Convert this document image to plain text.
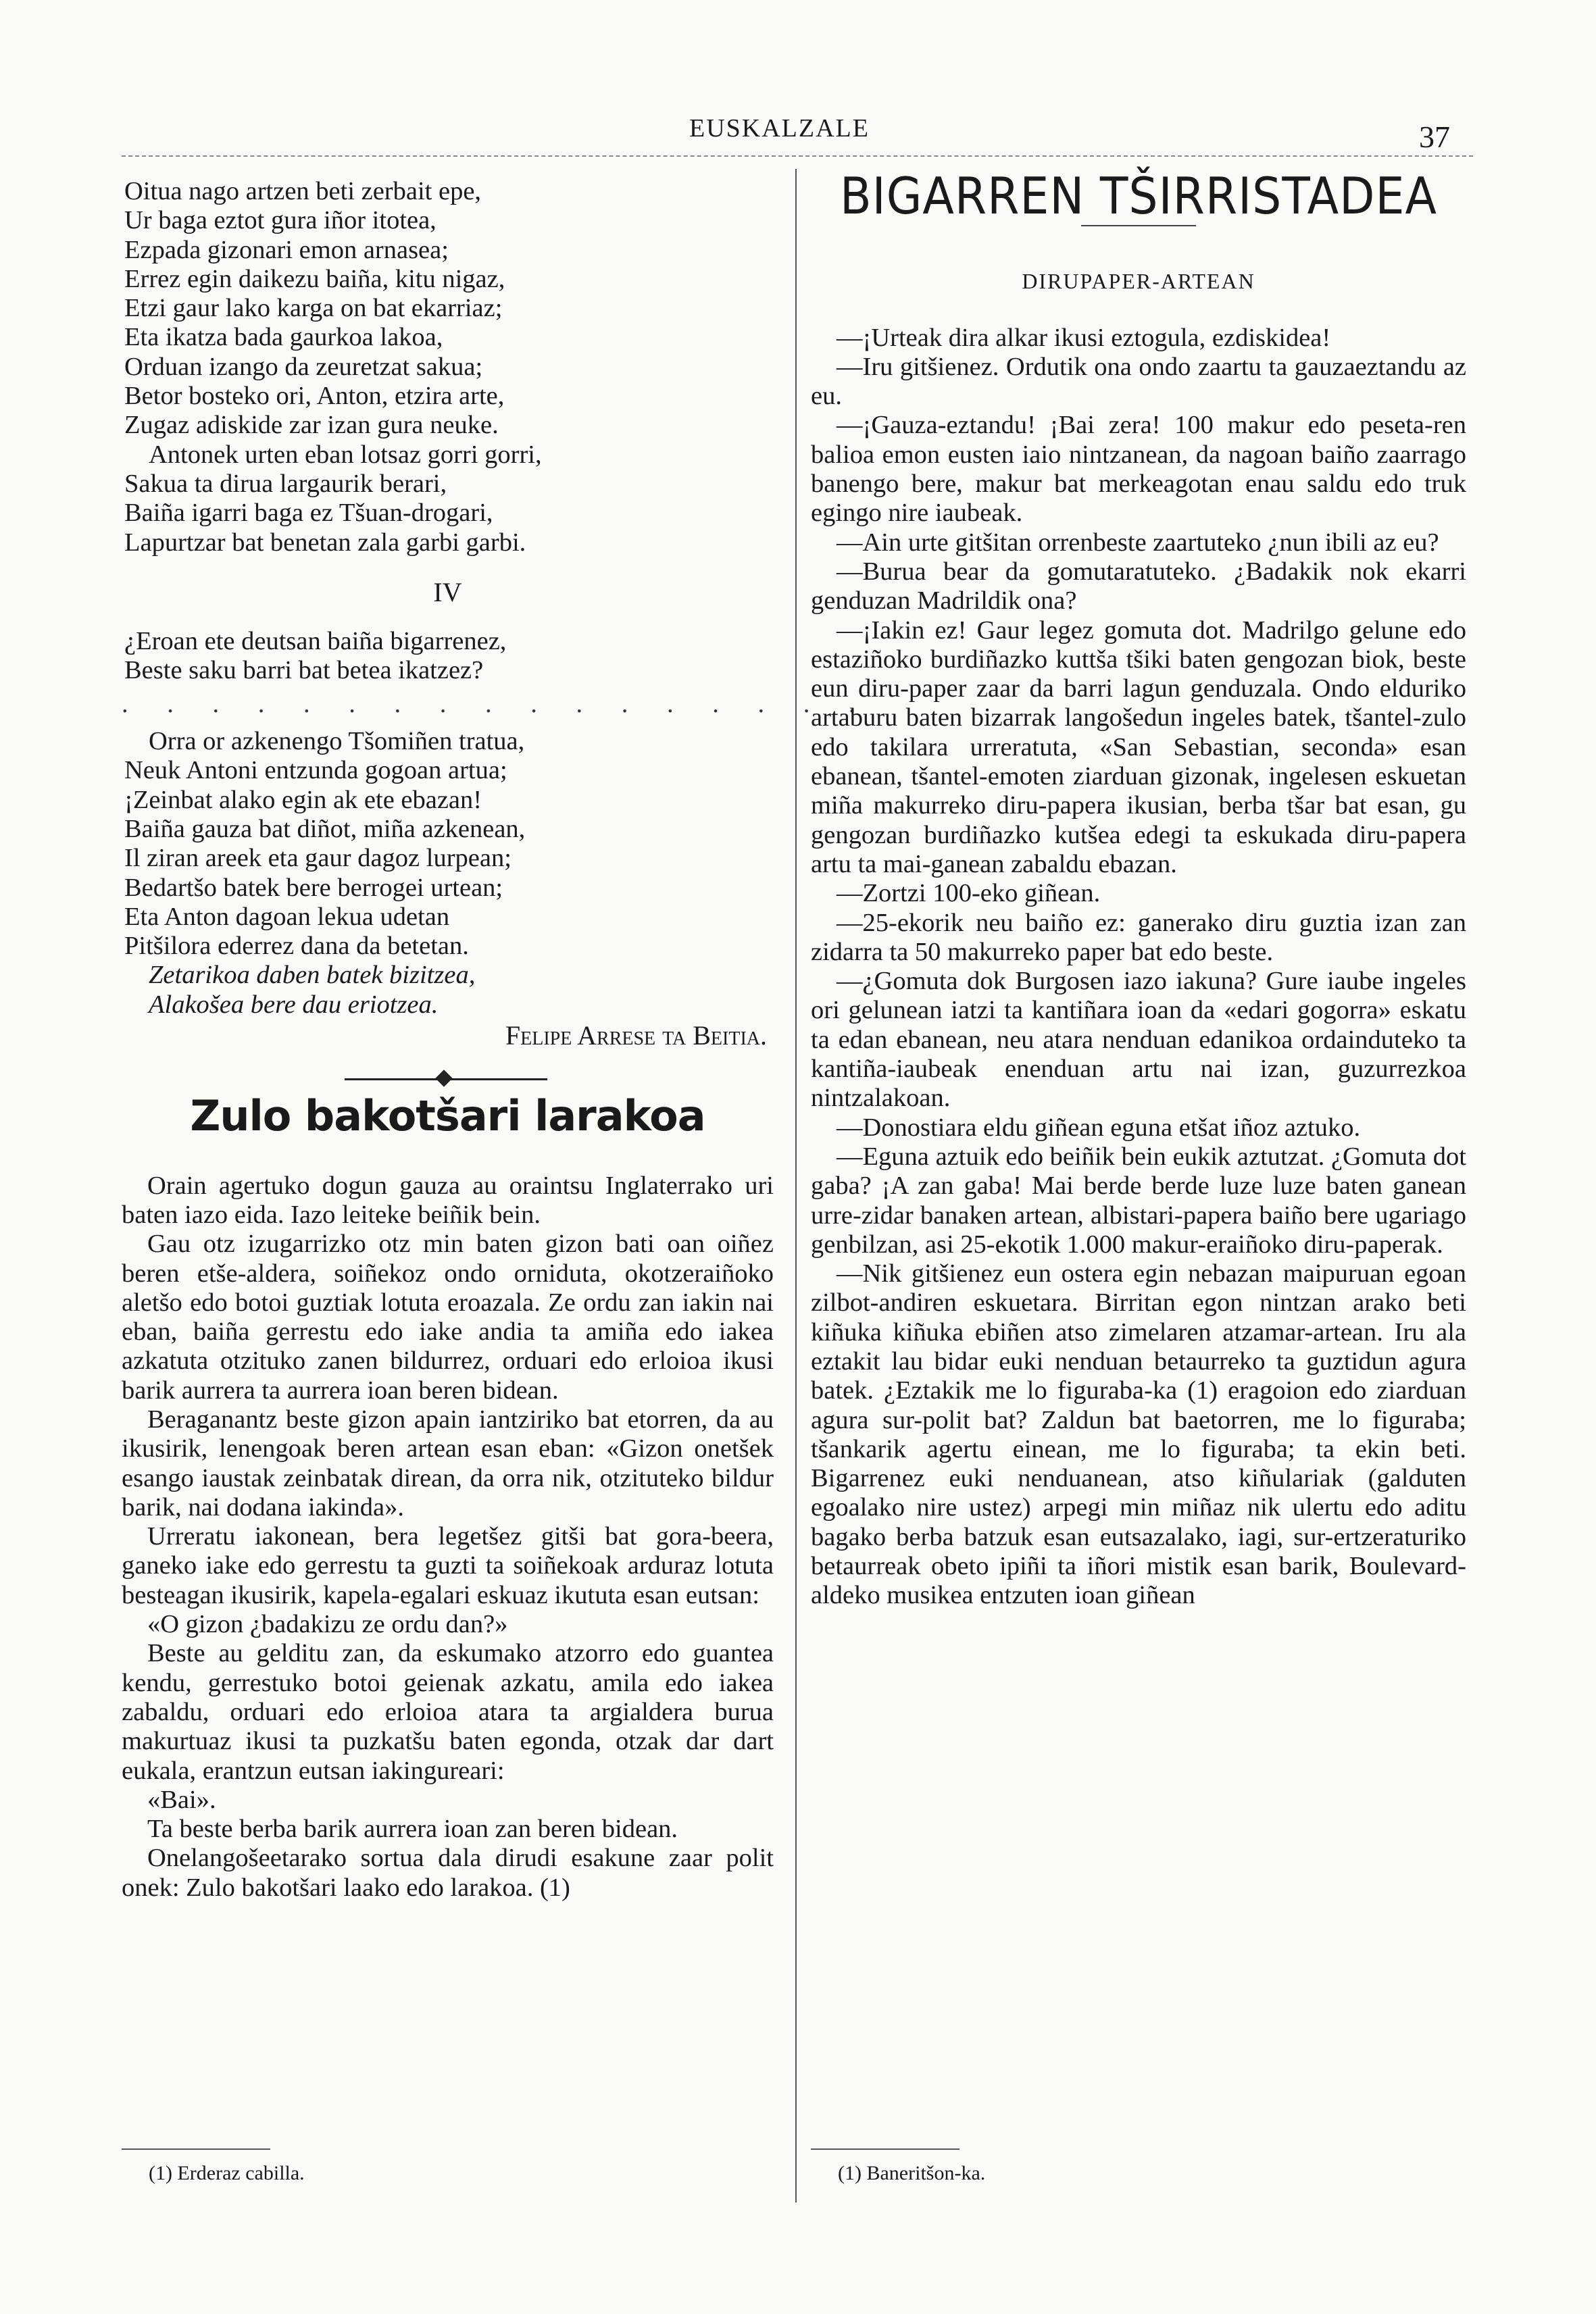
EUSKALZALE	37
Oitua nago artzen beti zerbait epe,
Ur baga eztot gura iñor itotea,
Ezpada gizonari emon arnasea;
Errez egin daikezu baiña, kitu nigaz,
Etzi gaur lako karga on bat ekarriaz;
Eta ikatza bada gaurkoa lakoa,
Orduan izango da zeuretzat sakua;
Betor bosteko ori, Anton, etzira arte,
Zugaz adiskide zar izan gura neuke.
Antonek urten eban lotsaz gorri gorri,
Sakua ta dirua largaurik berari,
Baiña igarri baga ez Tšuan-drogari,
Lapurtzar bat benetan zala garbi garbi.
IV
¿Eroan ete deutsan baiña bigarrenez,
Beste saku barri bat betea ikatzez?
. . . . . . . . . . . . . . . . .
Orra or azkenengo Tšomiñen tratua,
Neuk Antoni entzunda gogoan artua;
¡Zeinbat alako egin ak ete ebazan!
Baiña gauza bat diñot, miña azkenean,
Il ziran areek eta gaur dagoz lurpean;
Bedartšo batek bere berrogei urtean;
Eta Anton dagoan lekua udetan
Pitšilora ederrez dana da betetan.
Zetarikoa daben batek bizitzea,
Alakošea bere dau eriotzea.
Felipe Arrese ta Beitia.
Zulo bakotšari larakoa

Orain agertuko dogun gauza au oraintsu Inglaterrako uri baten iazo eida. Iazo leiteke beiñik bein.

Gau otz izugarrizko otz min baten gizon bati oan oiñez beren etše-aldera, soiñekoz ondo orniduta, okotzeraiñoko aletšo edo botoi guztiak lotuta eroazala. Ze ordu zan iakin nai eban, baiña gerrestu edo iake andia ta amiña edo iakea azkatuta otzituko zanen bildurrez, orduari edo erloioa ikusi barik aurrera ta aurrera ioan beren bidean.

Beraganantz beste gizon apain iantziriko bat etorren, da au ikusirik, lenengoak beren artean esan eban: «Gizon onetšek esango iaustak zeinbatak direan, da orra nik, otzituteko bildur barik, nai dodana iakinda».

Urreratu iakonean, bera legetšez gitši bat gora-beera, ganeko iake edo gerrestu ta guzti ta soiñekoak arduraz lotuta besteagan ikusirik, kapela-egalari eskuaz ikututa esan eutsan:

«O gizon ¿badakizu ze ordu dan?»

Beste au gelditu zan, da eskumako atzorro edo guantea kendu, gerrestuko botoi geienak azkatu, amila edo iakea zabaldu, orduari edo erloioa atara ta argialdera burua makurtuaz ikusi ta puzkatšu baten egonda, otzak dar dart eukala, erantzun eutsan iakingureari:

«Bai».

Ta beste berba barik aurrera ioan zan beren bidean.

Onelangošeetarako sortua dala dirudi esakune zaar polit onek: Zulo bakotšari laako edo larakoa. (1)

(1) Erderaz cabilla.
BIGARREN TŠIRRISTADEA
DIRUPAPER-ARTEAN

—¡Urteak dira alkar ikusi eztogula, ezdiskidea!

—Iru gitšienez. Ordutik ona ondo zaartu ta gauzaeztandu az eu.

—¡Gauza-eztandu! ¡Bai zera! 100 makur edo peseta-ren balioa emon eusten iaio nintzanean, da nagoan baiño zaarrago banengo bere, makur bat merkeagotan enau saldu edo truk egingo nire iaubeak.

—Ain urte gitšitan orrenbeste zaartuteko ¿nun ibili az eu?

—Burua bear da gomutaratuteko. ¿Badakik nok ekarri genduzan Madrildik ona?

—¡Iakin ez! Gaur legez gomuta dot. Madrilgo gelune edo estaziñoko burdiñazko kuttša tšiki baten gengozan biok, beste eun diru-paper zaar da barri lagun genduzala. Ondo elduriko artaburu baten bizarrak langošedun ingeles batek, tšantel-zulo edo takilara urreratuta, «San Sebastian, seconda» esan ebanean, tšantel-emoten ziarduan gizonak, ingelesen eskuetan miña makurreko diru-papera ikusian, berba tšar bat esan, gu gengozan burdiñazko kutšea edegi ta eskukada diru-papera artu ta mai-ganean zabaldu ebazan.

—Zortzi 100-eko giñean.

—25-ekorik neu baiño ez: ganerako diru guztia izan zan zidarra ta 50 makurreko paper bat edo beste.

—¿Gomuta dok Burgosen iazo iakuna? Gure iaube ingeles ori gelunean iatzi ta kantiñara ioan da «edari gogorra» eskatu ta edan ebanean, neu atara nenduan edanikoa ordainduteko ta kantiña-iaubeak enenduan artu nai izan, guzurrezkoa nintzalakoan.

—Donostiara eldu giñean eguna etšat iñoz aztuko.

—Eguna aztuik edo beiñik bein eukik aztutzat. ¿Gomuta dot gaba? ¡A zan gaba! Mai berde berde luze luze baten ganean urre-zidar banaken artean, albistari-papera baiño bere ugariago genbilzan, asi 25-ekotik 1.000 makur-eraiñoko diru-paperak.

—Nik gitšienez eun ostera egin nebazan maipuruan egoan zilbot-andiren eskuetara. Birritan egon nintzan arako beti kiñuka kiñuka ebiñen atso zimelaren atzamar-artean. Iru ala eztakit lau bidar euki nenduan betaurreko ta guztidun agura batek. ¿Eztakik me lo figuraba-ka (1) eragoion edo ziarduan agura sur-polit bat? Zaldun bat baetorren, me lo figuraba; tšankarik agertu einean, me lo figuraba; ta ekin beti. Bigarrenez euki nenduanean, atso kiñulariak (galduten egoalako nire ustez) arpegi min miñaz nik ulertu edo aditu bagako berba batzuk esan eutsazalako, iagi, sur-ertzeraturiko betaurreak obeto ipiñi ta iñori mistik esan barik, Boulevard-aldeko musikea entzuten ioan giñean

(1) Baneritšon-ka.
